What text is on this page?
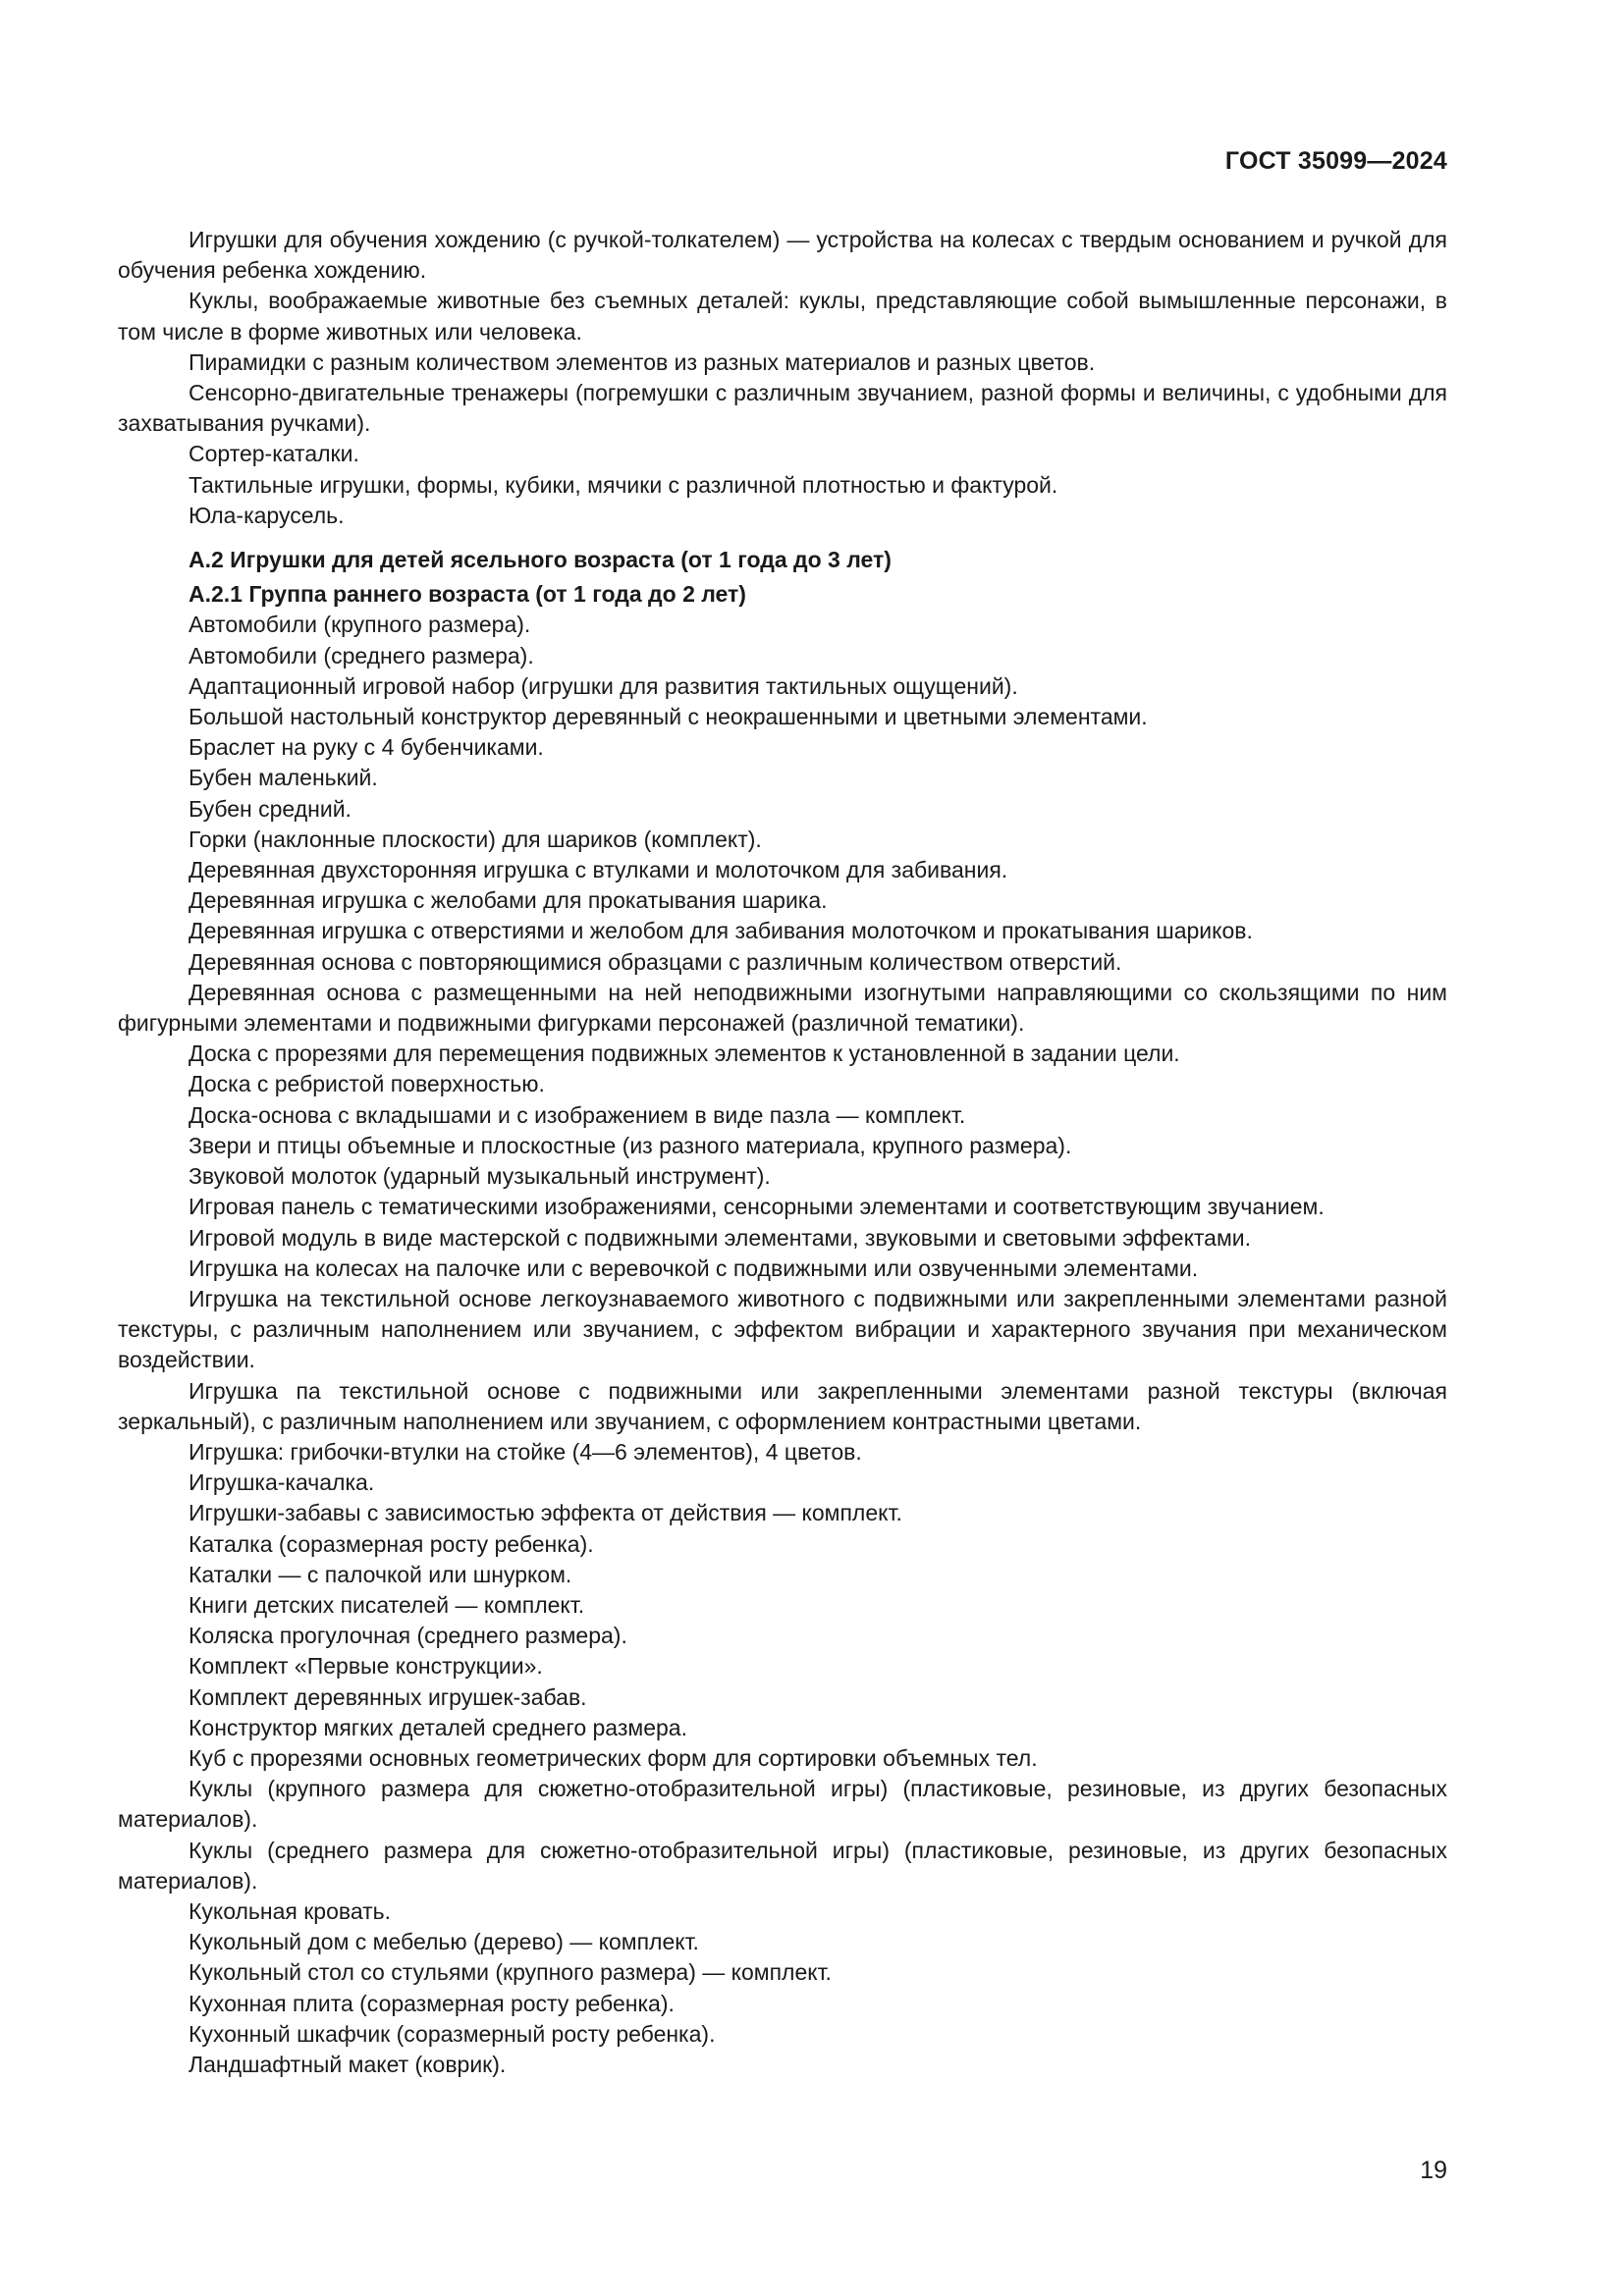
ГОСТ 35099—2024

Игрушки для обучения хождению (с ручкой-толкателем) — устройства на колесах с твердым основанием и ручкой для обучения ребенка хождению.

Куклы, воображаемые животные без съемных деталей: куклы, представляющие собой вымышленные персонажи, в том числе в форме животных или человека.

Пирамидки с разным количеством элементов из разных материалов и разных цветов.

Сенсорно-двигательные тренажеры (погремушки с различным звучанием, разной формы и величины, с удобными для захватывания ручками).

Сортер-каталки.

Тактильные игрушки, формы, кубики, мячики с различной плотностью и фактурой.

Юла-карусель.

А.2 Игрушки для детей ясельного возраста (от 1 года до 3 лет)

А.2.1 Группа раннего возраста (от 1 года до 2 лет)

Автомобили (крупного размера).

Автомобили (среднего размера).

Адаптационный игровой набор (игрушки для развития тактильных ощущений).

Большой настольный конструктор деревянный с неокрашенными и цветными элементами.

Браслет на руку с 4 бубенчиками.

Бубен маленький.

Бубен средний.

Горки (наклонные плоскости) для шариков (комплект).

Деревянная двухсторонняя игрушка с втулками и молоточком для забивания.

Деревянная игрушка с желобами для прокатывания шарика.

Деревянная игрушка с отверстиями и желобом для забивания молоточком и прокатывания шариков.

Деревянная основа с повторяющимися образцами с различным количеством отверстий.

Деревянная основа с размещенными на ней неподвижными изогнутыми направляющими со скользящими по ним фигурными элементами и подвижными фигурками персонажей (различной тематики).

Доска с прорезями для перемещения подвижных элементов к установленной в задании цели.

Доска с ребристой поверхностью.

Доска-основа с вкладышами и с изображением в виде пазла — комплект.

Звери и птицы объемные и плоскостные (из разного материала, крупного размера).

Звуковой молоток (ударный музыкальный инструмент).

Игровая панель с тематическими изображениями, сенсорными элементами и соответствующим звучанием.

Игровой модуль в виде мастерской с подвижными элементами, звуковыми и световыми эффектами.

Игрушка на колесах на палочке или с веревочкой с подвижными или озвученными элементами.

Игрушка на текстильной основе легкоузнаваемого животного с подвижными или закрепленными элементами разной текстуры, с различным наполнением или звучанием, с эффектом вибрации и характерного звучания при механическом воздействии.

Игрушка па текстильной основе с подвижными или закрепленными элементами разной текстуры (включая зеркальный), с различным наполнением или звучанием, с оформлением контрастными цветами.

Игрушка: грибочки-втулки на стойке (4—6 элементов), 4 цветов.

Игрушка-качалка.

Игрушки-забавы с зависимостью эффекта от действия — комплект.

Каталка (соразмерная росту ребенка).

Каталки — с палочкой или шнурком.

Книги детских писателей — комплект.

Коляска прогулочная (среднего размера).

Комплект «Первые конструкции».

Комплект деревянных игрушек-забав.

Конструктор мягких деталей среднего размера.

Куб с прорезями основных геометрических форм для сортировки объемных тел.

Куклы (крупного размера для сюжетно-отобразительной игры) (пластиковые, резиновые, из других безопасных материалов).

Куклы (среднего размера для сюжетно-отобразительной игры) (пластиковые, резиновые, из других безопасных материалов).

Кукольная кровать.

Кукольный дом с мебелью (дерево) — комплект.

Кукольный стол со стульями (крупного размера) — комплект.

Кухонная плита (соразмерная росту ребенка).

Кухонный шкафчик (соразмерный росту ребенка).

Ландшафтный макет (коврик).

19
